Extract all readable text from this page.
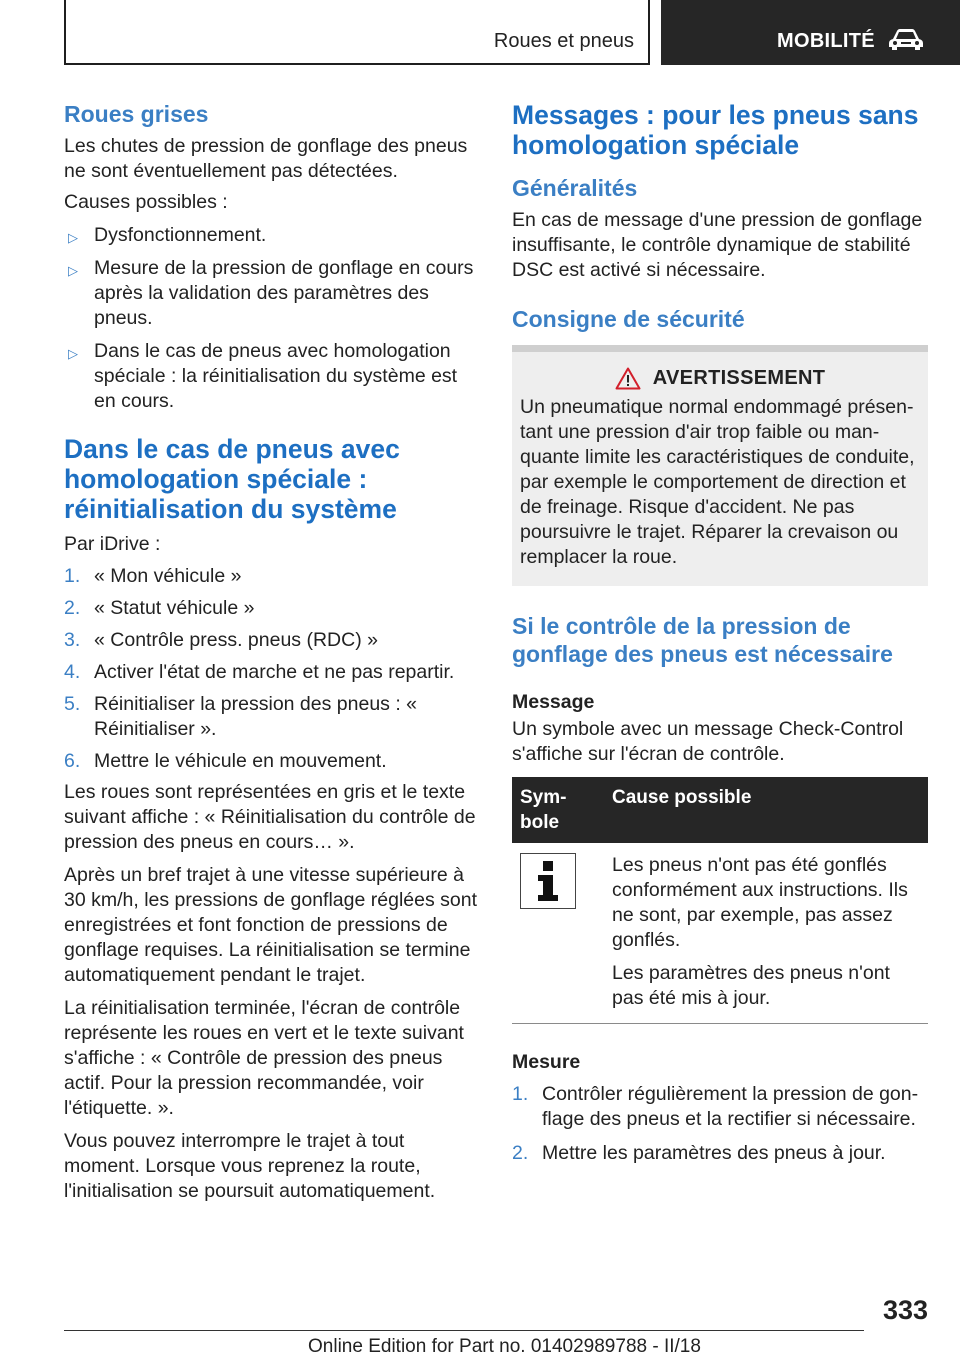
Roues et pneus	MOBILITÉ
Roues grises

Les chutes de pression de gonflage des pneus ne sont éventuellement pas détectées.

Causes possibles :

▷ Dysfonctionnement.
▷ Mesure de la pression de gonflage en cours après la validation des paramètres des pneus.
▷ Dans le cas de pneus avec homologation spéciale : la réinitialisation du système est en cours.
Dans le cas de pneus avec homologation spéciale : réinitialisation du système

Par iDrive :

1. « Mon véhicule »
2. « Statut véhicule »
3. « Contrôle press. pneus (RDC) »
4. Activer l'état de marche et ne pas repartir.
5. Réinitialiser la pression des pneus : « Réinitialiser ».
6. Mettre le véhicule en mouvement.

Les roues sont représentées en gris et le texte suivant affiche : « Réinitialisation du contrôle de pression des pneus en cours… ».

Après un bref trajet à une vitesse supérieure à 30 km/h, les pressions de gonflage réglées sont enregistrées et font fonction de pressions de gonflage requises. La réinitialisation se termine automatiquement pendant le trajet.

La réinitialisation terminée, l'écran de contrôle représente les roues en vert et le texte suivant s'affiche : « Contrôle de pression des pneus actif. Pour la pression recommandée, voir l'étiquette. ».

Vous pouvez interrompre le trajet à tout moment. Lorsque vous reprenez la route, l'initialisation se poursuit automatiquement.

Messages : pour les pneus sans homologation spéciale
Généralités

En cas de message d'une pression de gonflage insuffisante, le contrôle dynamique de stabilité DSC est activé si nécessaire.

Consigne de sécurité
AVERTISSEMENT
Un pneumatique normal endommagé présentant une pression d'air trop faible ou manquante limite les caractéristiques de conduite, par exemple le comportement de direction et de freinage. Risque d'accident. Ne pas poursuivre le trajet. Réparer la crevaison ou remplacer la roue.
Si le contrôle de la pression de gonflage des pneus est nécessaire
Message

Un symbole avec un message Check-Control s'affiche sur l'écran de contrôle.

Symbole	Cause possible

Les pneus n'ont pas été gonflés conformément aux instructions. Ils ne sont, par exemple, pas assez gonflés.
Les paramètres des pneus n'ont pas été mis à jour.
Mesure
1. Contrôler régulièrement la pression de gonflage des pneus et la rectifier si nécessaire.
2. Mettre les paramètres des pneus à jour.
333
Online Edition for Part no. 01402989788 - II/18
